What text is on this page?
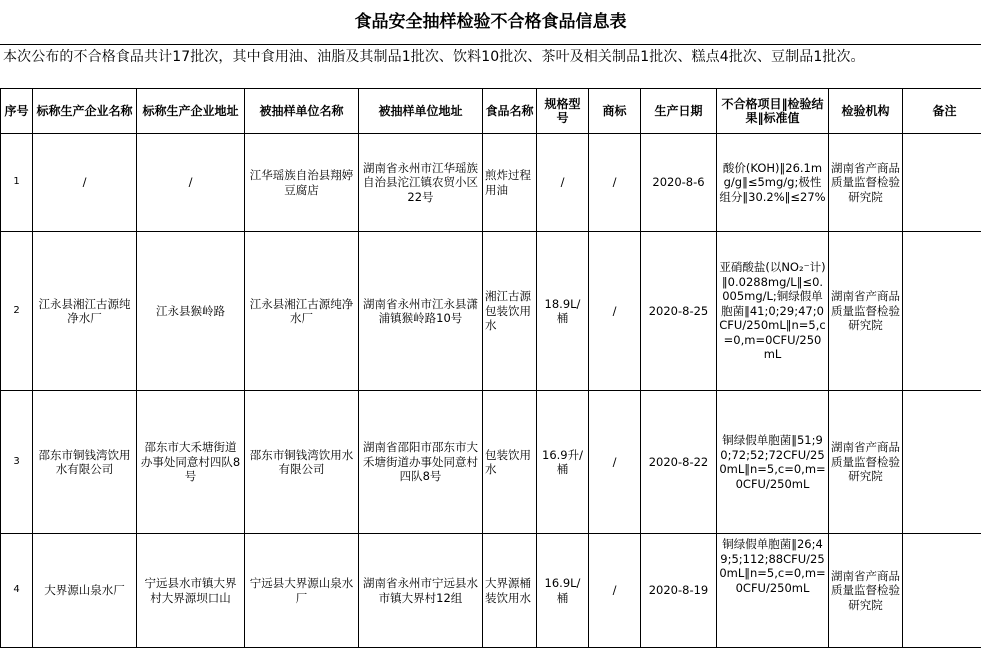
食品安全抽样检验不合格食品信息表
本次公布的不合格食品共计17批次，其中食用油、油脂及其制品1批次、饮料10批次、茶叶及相关制品1批次、糕点4批次、豆制品1批次。
序号	标称生产企业名称	标称生产企业地址	被抽样单位名称	被抽样单位地址	食品名称	规格型号	商标	生产日期	不合格项目‖检验结果‖标准值	检验机构	备注
1	/	/	江华瑶族自治县翔婷豆腐店	湖南省永州市江华瑶族自治县沱江镇农贸小区22号	煎炸过程用油	/	/	2020-8-6	酸价(KOH)‖26.1mg/g‖≤5mg/g;极性组分‖30.2%‖≤27%	湖南省产商品质量监督检验研究院	
2	江永县湘江古源纯净水厂	江永县猴岭路	江永县湘江古源纯净水厂	湖南省永州市江永县潇浦镇猴岭路10号	湘江古源包装饮用水	18.9L/桶	/	2020-8-25	亚硝酸盐(以NO₂⁻计)‖0.0288mg/L‖≤0.005mg/L;铜绿假单胞菌‖41;0;29;47;0CFU/250mL‖n=5,c=0,m=0CFU/250mL	湖南省产商品质量监督检验研究院	
3	邵东市铜钱湾饮用水有限公司	邵东市大禾塘街道办事处同意村四队8号	邵东市铜钱湾饮用水有限公司	湖南省邵阳市邵东市大禾塘街道办事处同意村四队8号	包装饮用水	16.9升/桶	/	2020-8-22	铜绿假单胞菌‖51;90;72;52;72CFU/250mL‖n=5,c=0,m=0CFU/250mL	湖南省产商品质量监督检验研究院	
4	大界源山泉水厂	宁远县水市镇大界村大界源坝口山	宁远县大界源山泉水厂	湖南省永州市宁远县水市镇大界村12组	大界源桶装饮用水	16.9L/桶	/	2020-8-19	铜绿假单胞菌‖26;49;5;112;88CFU/250mL‖n=5,c=0,m=0CFU/250mL	湖南省产商品质量监督检验研究院	
